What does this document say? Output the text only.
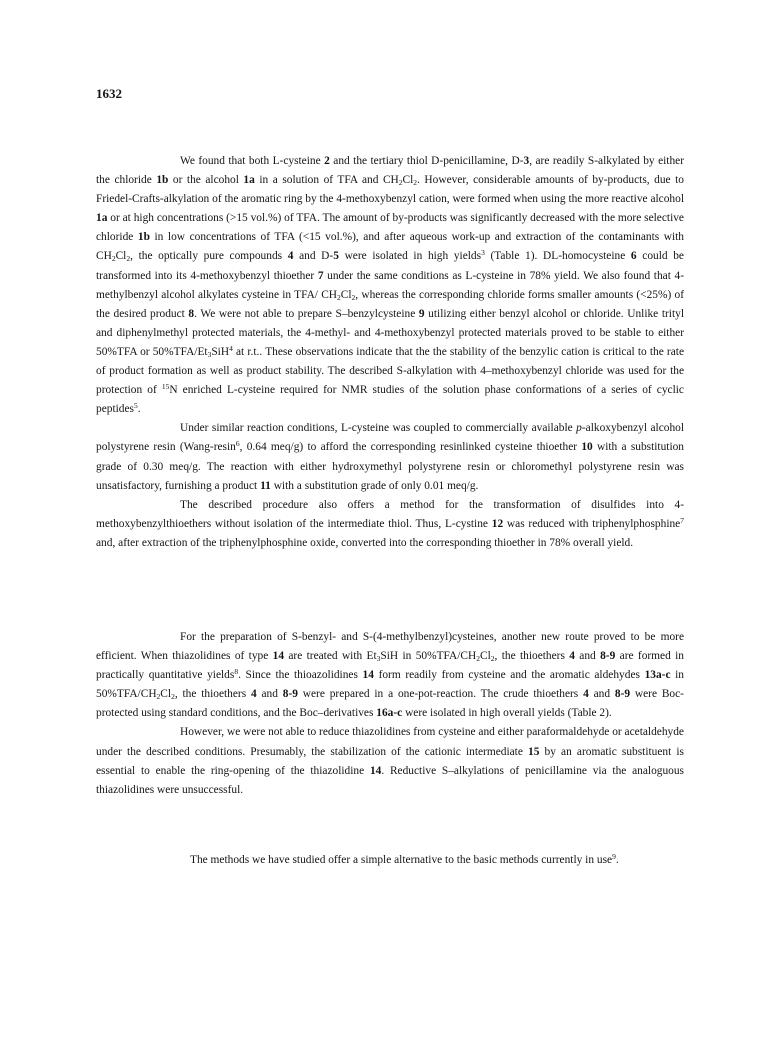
1632

We found that both L-cysteine 2 and the tertiary thiol D-penicillamine, D-3, are readily S-alkylated by either the chloride 1b or the alcohol 1a in a solution of TFA and $CH_2Cl_2$. However, considerable amounts of by-products, due to Friedel-Crafts-alkylation of the aromatic ring by the 4-methoxybenzyl cation, were formed when using the more reactive alcohol 1a or at high concentrations (>15 vol.%) of TFA. The amount of by-products was significantly decreased with the more selective chloride 1b in low concentrations of TFA (<15 vol.%), and after aqueous work-up and extraction of the contaminants with $CH_2Cl_2$, the optically pure compounds 4 and D-5 were isolated in high yields$^3$ (Table 1). DL-homocysteine 6 could be transformed into its 4-methoxybenzyl thioether 7 under the same conditions as L-cysteine in 78% yield. We also found that 4-methylbenzyl alcohol alkylates cysteine in TFA/ $CH_2Cl_2$, whereas the corresponding chloride forms smaller amounts (<25%) of the desired product 8. We were not able to prepare S–benzylcysteine 9 utilizing either benzyl alcohol or chloride. Unlike trityl and diphenylmethyl protected materials, the 4-methyl- and 4-methoxybenzyl protected materials proved to be stable to either 50%TFA or $50\%TFA/Et_3SiH^4$ at r.t.. These observations indicate that the the stability of the benzylic cation is critical to the rate of product formation as well as product stability. The described S-alkylation with 4–methoxybenzyl chloride was used for the protection of $^{15}$N enriched L-cysteine required for NMR studies of the solution phase conformations of a series of cyclic peptides$^5$.

Under similar reaction conditions, L-cysteine was coupled to commercially available p-alkoxybenzyl alcohol polystyrene resin (Wang-resin$^6$, 0.64 meq/g) to afford the corresponding resinlinked cysteine thioether 10 with a substitution grade of 0.30 meq/g. The reaction with either hydroxymethyl polystyrene resin or chloromethyl polystyrene resin was unsatisfactory, furnishing a product 11 with a substitution grade of only 0.01 meq/g.

The described procedure also offers a method for the transformation of disulfides into 4-methoxybenzylthioethers without isolation of the intermediate thiol. Thus, L-cystine 12 was reduced with triphenylphosphine$^7$ and, after extraction of the triphenylphosphine oxide, converted into the corresponding thioether in 78% overall yield.

For the preparation of S-benzyl- and S-(4-methylbenzyl)cysteines, another new route proved to be more efficient. When thiazolidines of type 14 are treated with $Et_3SiH$ in $50\%TFA/CH_2Cl_2$, the thioethers 4 and 8-9 are formed in practically quantitative yields$^8$. Since the thioazolidines 14 form readily from cysteine and the aromatic aldehydes 13a-c in $50\%TFA/CH_2Cl_2$, the thioethers 4 and 8-9 were prepared in a one-pot-reaction. The crude thioethers 4 and 8-9 were Boc-protected using standard conditions, and the Boc–derivatives 16a-c were isolated in high overall yields (Table 2).

However, we were not able to reduce thiazolidines from cysteine and either paraformaldehyde or acetaldehyde under the described conditions. Presumably, the stabilization of the cationic intermediate 15 by an aromatic substituent is essential to enable the ring-opening of the thiazolidine 14. Reductive S–alkylations of penicillamine via the analoguous thiazolidines were unsuccessful.

The methods we have studied offer a simple alternative to the basic methods currently in use$^9$.
